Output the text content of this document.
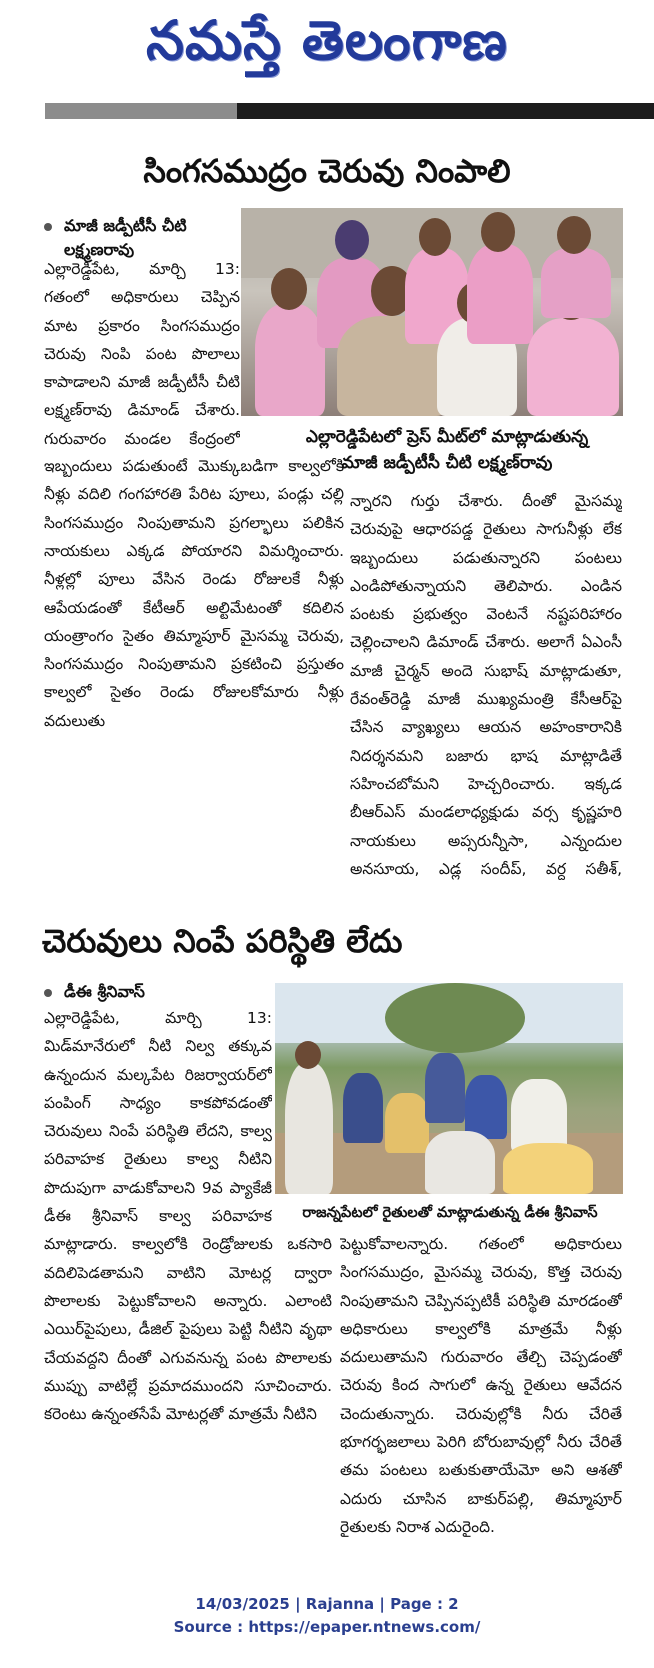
నమస్తే తెలంగాణ
సింగసముద్రం చెరువు నింపాలి
మాజీ జడ్పీటీసీ చీటి
లక్ష్మణరావు
ఎల్లారెడ్డిపేటలో ప్రెస్ మీట్‌లో మాట్లాడుతున్న
మాజీ జడ్పీటీసీ చీటి లక్ష్మణ్‌రావు

ఎల్లారెడ్డిపేట, మార్చి 13: గతంలో అధికారులు చెప్పిన మాట ప్రకారం సింగసముద్రం చెరువు నింపి పంట పొలాలు కాపాడాలని మాజీ జడ్పీటీసీ చీటి లక్ష్మణ్‌రావు డిమాండ్ చేశారు. గురువారం మండల కేంద్రంలో

ఇబ్బందులు పడుతుంటే మొక్కుబడిగా కాల్వలోకి నీళ్లు వదిలి గంగహారతి పేరిట పూలు, పండ్లు చల్లి సింగసముద్రం నింపుతామని ప్రగల్భాలు పలికిన నాయకులు ఎక్కడ పోయారని విమర్శించారు. నీళ్లల్లో పూలు వేసిన రెండు రోజులకే నీళ్లు ఆపేయడంతో కేటీఆర్ అల్టిమేటంతో కదిలిన యంత్రాంగం సైతం తిమ్మాపూర్ మైసమ్మ చెరువు, సింగసముద్రం నింపుతామని ప్రకటించి ప్రస్తుతం కాల్వలో సైతం రెండు రోజులకోమారు నీళ్లు వదులుతు

న్నారని గుర్తు చేశారు. దీంతో మైసమ్మ చెరువుపై ఆధారపడ్డ రైతులు సాగునీళ్లు లేక ఇబ్బందులు పడుతున్నారని పంటలు ఎండిపోతున్నాయని తెలిపారు. ఎండిన పంటకు ప్రభుత్వం వెంటనే నష్టపరిహారం చెల్లించాలని డిమాండ్ చేశారు. అలాగే ఏఎంసీ మాజీ చైర్మన్ అందె సుభాష్ మాట్లాడుతూ, రేవంత్‌రెడ్డి మాజీ ముఖ్యమంత్రి కేసీఆర్‌పై చేసిన వ్యాఖ్యలు ఆయన అహంకారానికి నిదర్శనమని బజారు భాష మాట్లాడితే సహించబోమని హెచ్చరించారు. ఇక్కడ బీఆర్‌ఎస్ మండలాధ్యక్షుడు వర్స కృష్ణహరి నాయకులు అప్సరున్నీసా, ఎన్నందుల అనసూయ, ఎడ్ల సందీప్, వర్ద సతీశ్,

చెరువులు నింపే పరిస్థితి లేదు
డీఈ శ్రీనివాస్
రాజన్నపేటలో రైతులతో మాట్లాడుతున్న డీఈ శ్రీనివాస్

ఎల్లారెడ్డిపేట, మార్చి 13: మిడ్‌మానేరులో నీటి నిల్వ తక్కువ ఉన్నందున మల్కపేట రిజర్వాయర్‌లో పంపింగ్ సాధ్యం కాకపోవడంతో చెరువులు నింపే పరిస్థితి లేదని, కాల్వ పరివాహక రైతులు కాల్వ నీటిని పొదుపుగా వాడుకోవాలని 9వ ప్యాకేజీ డీఈ శ్రీనివాస్ కాల్వ పరివాహక

మాట్లాడారు. కాల్వలోకి రెండ్రోజులకు ఒకసారి వదిలిపెడతామని వాటిని మోటర్ల ద్వారా పొలాలకు పెట్టుకోవాలని అన్నారు. ఎలాంటి ఎయిర్‌పైపులు, డీజిల్ పైపులు పెట్టి నీటిని వృథా చేయవద్దని దీంతో ఎగువనున్న పంట పొలాలకు ముప్పు వాటిల్లే ప్రమాదముందని సూచించారు. కరెంటు ఉన్నంతసేపే మోటర్లతో మాత్రమే నీటిని

పెట్టుకోవాలన్నారు. గతంలో అధికారులు సింగసముద్రం, మైసమ్మ చెరువు, కొత్త చెరువు నింపుతామని చెప్పినప్పటికీ పరిస్థితి మారడంతో అధికారులు కాల్వలోకి మాత్రమే నీళ్లు వదులుతామని గురువారం తేల్చి చెప్పడంతో చెరువు కింద సాగులో ఉన్న రైతులు ఆవేదన చెందుతున్నారు. చెరువుల్లోకి నీరు చేరితే భూగర్భజలాలు పెరిగి బోరుబావుల్లో నీరు చేరితే తమ పంటలు బతుకుతాయేమో అని ఆశతో ఎదురు చూసిన బాకుర్‌పల్లి, తిమ్మాపూర్ రైతులకు నిరాశ ఎదురైంది.

14/03/2025 | Rajanna | Page : 2
Source : https://epaper.ntnews.com/
